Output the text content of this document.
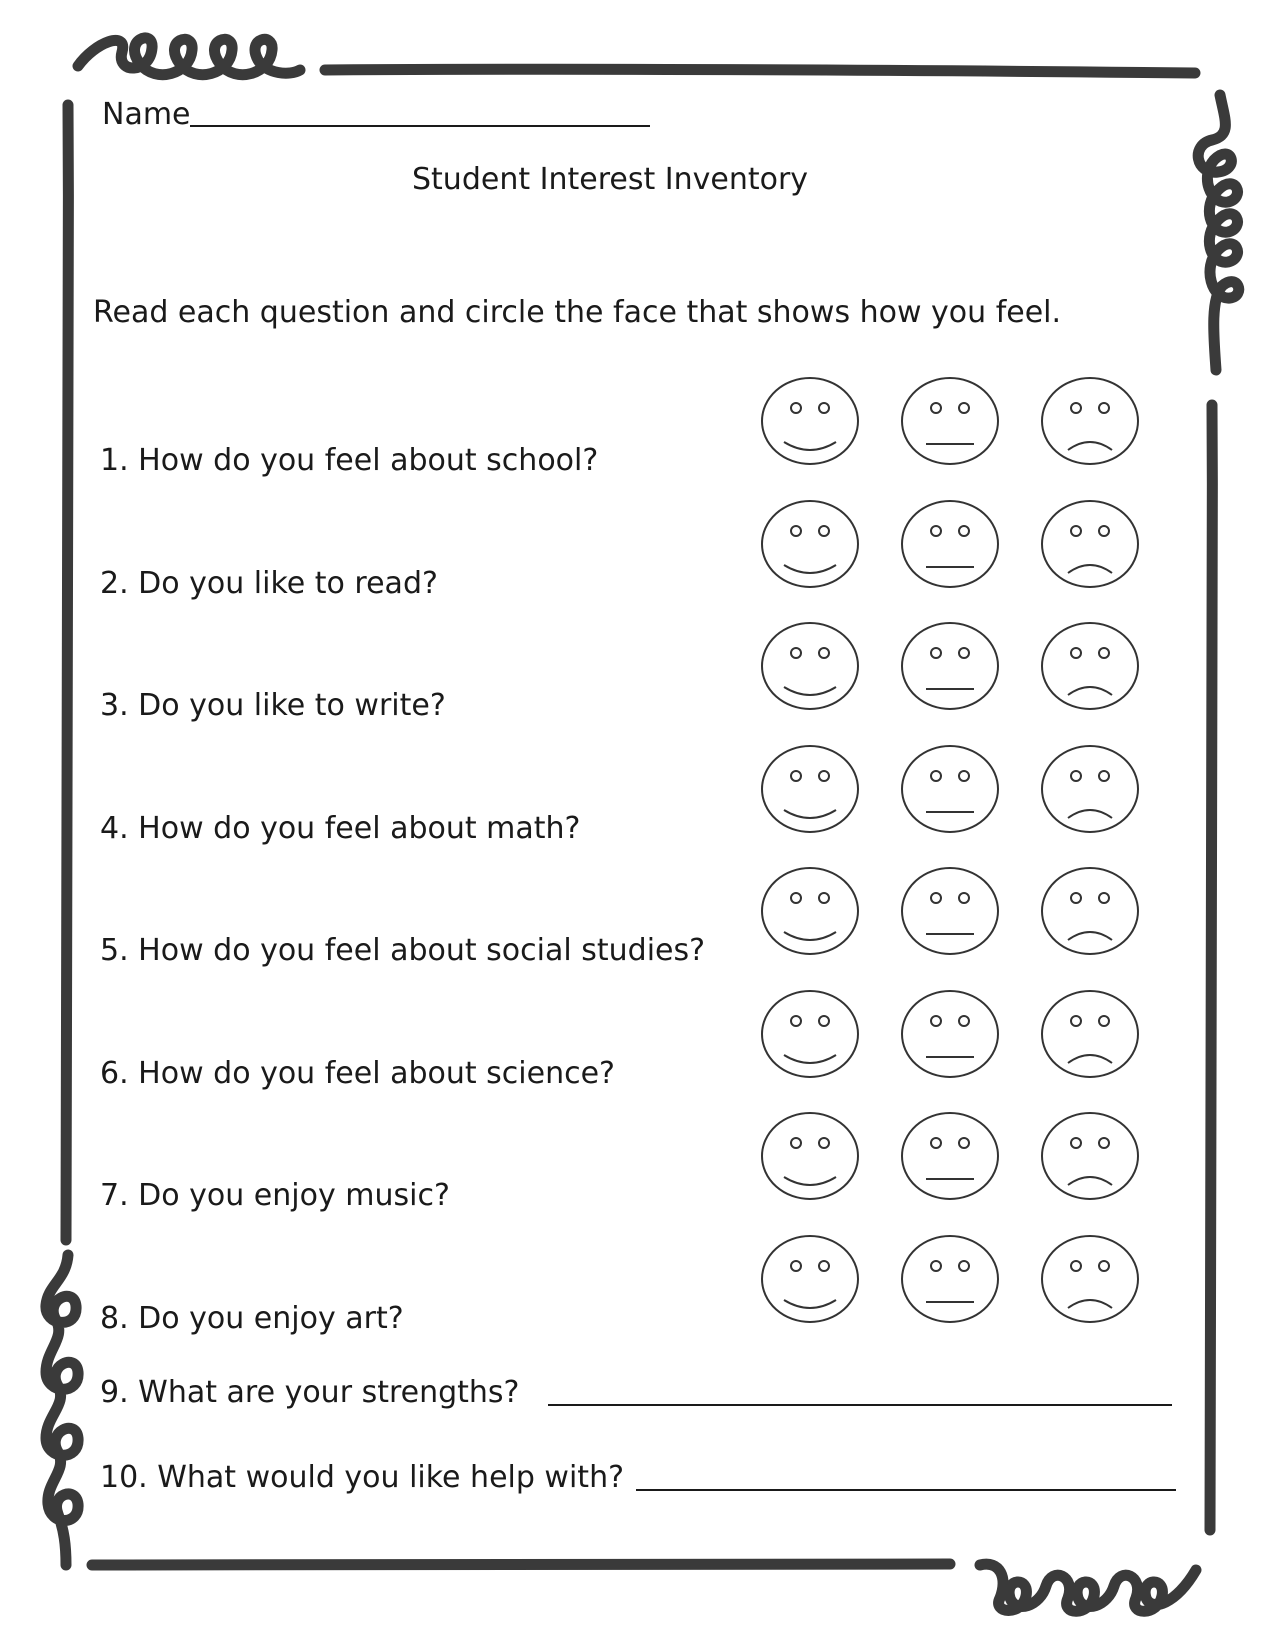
Name
Student Interest Inventory
Read each question and circle the face that shows how you feel.
1. How do you feel about school?
2. Do you like to read?
3. Do you like to write?
4. How do you feel about math?
5. How do you feel about social studies?
6. How do you feel about science?
7. Do you enjoy music?
8. Do you enjoy art?
9. What are your strengths?
10. What would you like help with?
